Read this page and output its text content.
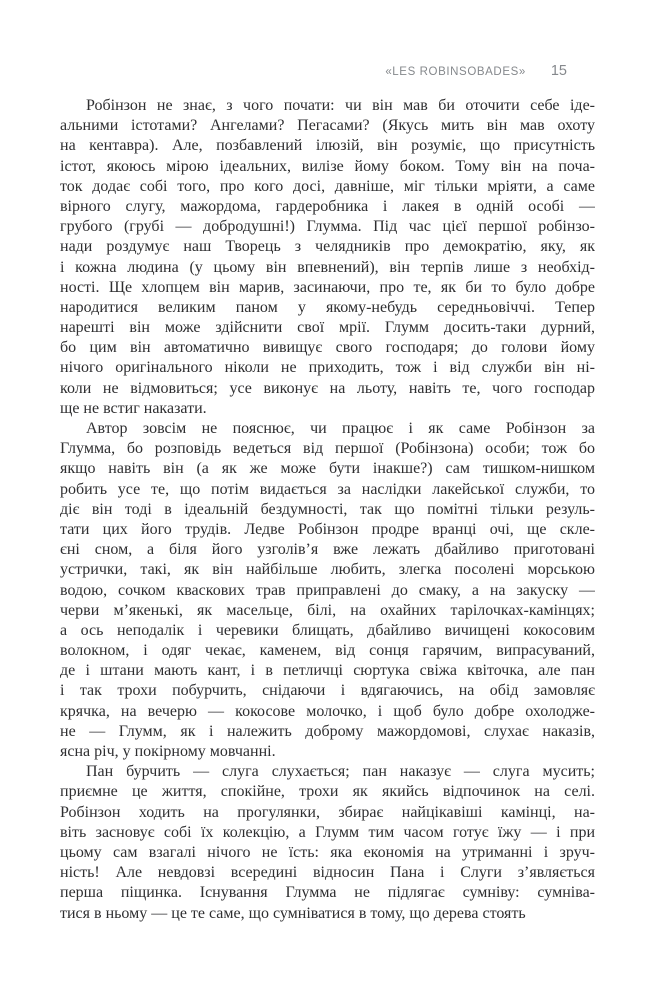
«LES ROBINSOBADES» 15
Робінзон не знає, з чого почати: чи він мав би оточити себе іде-
альними істотами? Ангелами? Пегасами? (Якусь мить він мав охоту
на кентавра). Але, позбавлений ілюзій, він розуміє, що присутність
істот, якоюсь мірою ідеальних, вилізе йому боком. Тому він на поча-
ток додає собі того, про кого досі, давніше, міг тільки мріяти, а саме
вірного слугу, мажордома, гардеробника і лакея в одній особі —
грубого (грубі — добродушні!) Глумма. Під час цієї першої робінзо-
нади роздумує наш Творець з челядників про демократію, яку, як
і кожна людина (у цьому він впевнений), він терпів лише з необхід-
ності. Ще хлопцем він марив, засинаючи, про те, як би то було добре
народитися великим паном у якому-небудь середньовіччі. Тепер
нарешті він може здійснити свої мрії. Глумм досить-таки дурний,
бо цим він автоматично вивищує свого господаря; до голови йому
нічого оригінального ніколи не приходить, тож і від служби він ні-
коли не відмовиться; усе виконує на льоту, навіть те, чого господар
ще не встиг наказати.
Автор зовсім не пояснює, чи працює і як саме Робінзон за
Глумма, бо розповідь ведеться від першої (Робінзона) особи; тож бо
якщо навіть він (а як же може бути інакше?) сам тишком-нишком
робить усе те, що потім видається за наслідки лакейської служби, то
діє він тоді в ідеальній бездумності, так що помітні тільки резуль-
тати цих його трудів. Ледве Робінзон продре вранці очі, ще скле-
єні сном, а біля його узголів’я вже лежать дбайливо приготовані
устрички, такі, як він найбільше любить, злегка посолені морською
водою, сочком кваскових трав приправлені до смаку, а на закуску —
черви м’якенькі, як масельце, білі, на охайних тарілочках-камінцях;
а ось неподалік і черевики блищать, дбайливо вичищені кокосовим
волокном, і одяг чекає, каменем, від сонця гарячим, випрасуваний,
де і штани мають кант, і в петличці сюртука свіжа квіточка, але пан
і так трохи побурчить, снідаючи і вдягаючись, на обід замовляє
крячка, на вечерю — кокосове молочко, і щоб було добре охолодже-
не — Глумм, як і належить доброму мажордомові, слухає наказів,
ясна річ, у покірному мовчанні.
Пан бурчить — слуга слухається; пан наказує — слуга мусить;
приємне це життя, спокійне, трохи як якийсь відпочинок на селі.
Робінзон ходить на прогулянки, збирає найцікавіші камінці, на-
віть засновує собі їх колекцію, а Глумм тим часом готує їжу — і при
цьому сам взагалі нічого не їсть: яка економія на утриманні і зруч-
ність! Але невдовзі всередині відносин Пана і Слуги з’являється
перша піщинка. Існування Глумма не підлягає сумніву: сумніва-
тися в ньому — це те саме, що сумніватися в тому, що дерева стоять
